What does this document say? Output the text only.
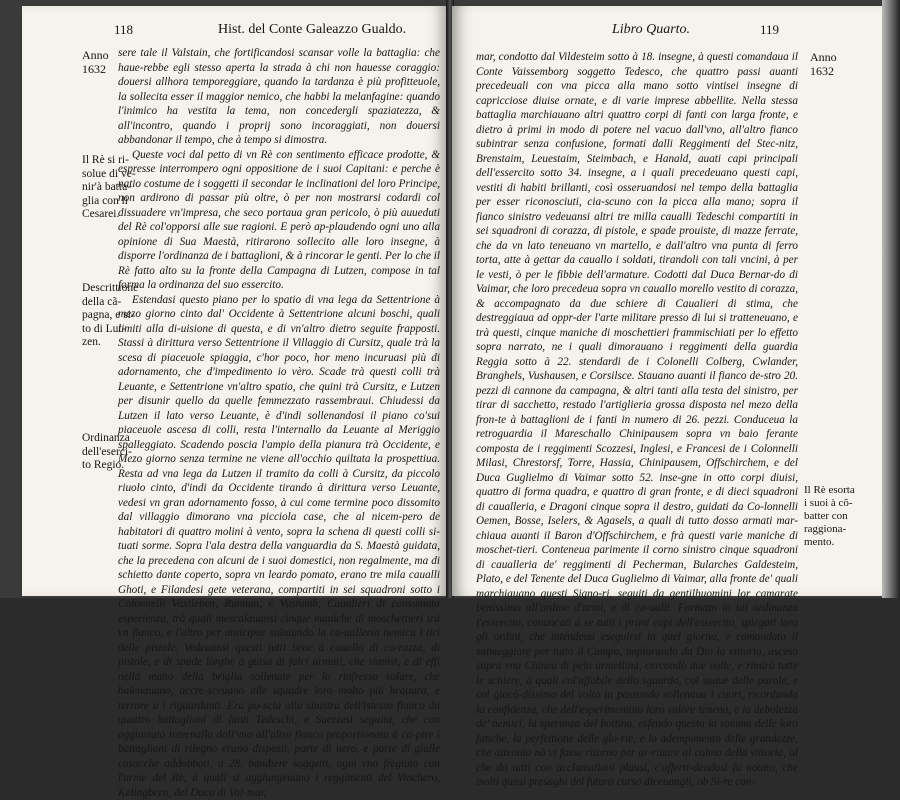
118	Hist. del Conte Galeazzo Gualdo.
Anno
1632
Il Rè si ri-
solue di ve-
nir'à batta-
glia con li
Cesarei.
Descrittione
della cã-
pagna, e si-
to di Lut-
zen.
Ordinanza
dell'eserci-
to Regio.

sere tale il Valstain, che fortificandosi scansar volle la battaglia: che haue-rebbe egli stesso aperta la strada à chi non hauesse coraggio: douersi allhora temporeggiare, quando la tardanza è più profitteuole, la sollecita esser il maggior nemico, che habbi la melanfagine: quando l'inimico ha vestita la tema, non concedergli spaziatezza, & all'incontro, quando i proprij sono incoraggiati, non douersi abbandonar il tempo, che à tempo si dimostra.

Queste voci dal petto di vn Rè con sentimento efficace prodotte, & espresse interrompero ogni oppositione de i suoi Capitani: e perche è natio costume de i soggetti il secondar le inclinationi del loro Principe, non ardirono di passar più oltre, ò per non mostrarsi codardi col dissuadere vn'impresa, che seco portaua gran pericolo, ò più auueduti del Rè col'opporsi alle sue ragioni. E però ap-plaudendo ogni uno alla opinione di Sua Maestà, ritirarono sollecito alle loro insegne, à disporre l'ordinanza de i battaglioni, & à rincorar le genti. Per lo che il Rè fatto alto su la fronte della Campagna di Lutzen, compose in tal forma la ordinanza del suo essercito.

Estendasi questo piano per lo spatio di vna lega da Settentrione à mezo giorno cinto dal' Occidente à Settentrione alcuni boschi, quali limiti alla di-uisione di questa, e di vn'altro dietro seguite frapposti. Stassi à dirittura verso Settentrione il Villaggio di Cursitz, quale trà la scesa di piaceuole spiaggia, c'hor poco, hor meno incuruasi più di adornamento, che d'impedimento io vèro. Scade trà questi colli trà Leuante, e Settentrione vn'altro spatio, che quini trà Cursitz, e Lutzen per disunir quello da quelle femmezzato rassembraui. Chiudessi da Lutzen il lato verso Leuante, è d'indi sollenandosi il piano co'sui piaceuole ascesa di colli, resta l'internallo da Leuante al Meriggio spalleggiato. Scadendo poscia l'ampio della pianura trà Occidente, e Mezo giorno senza termine ne viene all'occhio quiltata la prospettiua. Resta ad vna lega da Lutzen il tramito da colli à Cursitz, da piccolo riuolo cinto, d'indi da Occidente tirando à dirittura verso Leuante, vedesi vn gran adornamento fosso, à cui come termine poco dissomito dal villaggio dimorano vna picciola case, che al nicem-pero de habitatori di quattro molini à vento, sopra la schena di questi colli si-tuati sorme. Sopra l'ala destra della vanguardia da S. Maestà guidata, che la precedena con alcuni de i suoi domestici, non regalmente, ma di schietto dante coperto, sopra vn leardo pomato, erano tre mila caualli Ghoti, e Filandesi gete veterana, compartiti in sei squadroni sotto i Colonnelli Vaxileben, Runnun, e Vustumb, Caualieri di consumata esperienza, trà quali mescolauansi cinque maniche di moschettieri trà vn fianco, e l'altro per anticipar salutando la ca-ualleria nemica i tiri delle pistole. Vedeuansi questi tutti bene à cauallo di co-razza, di pistole, e di spade larghe à guisa di falci armati, che sianist, e di effi nella mano della briglia sollenate per lo rinfresso solare, che balenauano, accre-sceuano alle squadre loro molto più brauura, e terrore a i riguardanti. Era po-scia alla sinistra dell'istesso fianco da quattro battaglioni di fanti Tedeschi, e Suezzesi seguita, che con aggiustato internallo dall'vno all'altro fianco proportionato à ca-pire i battaglioni di rilegno erano disposti, parte di nero, e parte di gialle casacche addobbati, à 28. bandiere soggetti, ogni vna fregiata con l'arme del Rè, à quali si aggiungeuano i reggimenti del Vinchero, Kelingbern, del Duca di Vai-mar,

Libro Quarto.	119
Anno
1632
Il Rè esorta
i suoi à cõ-
batter con
raggiona-
mento.

mar, condotto dal Vildesteim sotto à 18. insegne, à questi comandaua il Conte Vaissemborg soggetto Tedesco, che quattro passi auanti precedeuali con vna picca alla mano sotto vintisei insegne di capricciose diuise ornate, e di varie imprese abbellite. Nella stessa battaglia marchiauano altri quattro corpi di fanti con larga fronte, e dietro à primi in modo di potere nel vacuo dall'vno, all'altro fianco subintrar senza confusione, formati dalli Reggimenti del Stec-nitz, Brenstaim, Leuestaim, Steimbach, e Hanald, auati capi principali dell'essercito sotto 34. insegne, a i quali precedeuano questi capi, vestiti di habiti brillanti, così osseruandosi nel tempo della battaglia per esser riconosciuti, cia-scuno con la picca alla mano; sopra il fianco sinistro vedeuansi altri tre milla caualli Tedeschi compartiti in sei squadroni di corazza, di pistole, e spade prouiste, di mazze ferrate, che da vn lato teneuano vn martello, e dall'altro vna punta di ferro torta, atte à gettar da cauallo i soldati, tirandoli con tali vncini, à per le vesti, ò per le fibbie dell'armature. Codotti dal Duca Bernar-do di Vaimar, che loro precedeua sopra vn cauallo morello vestito di corazza, & accompagnato da due schiere di Caualieri di stima, che destreggiaua ad oppr-der l'arte militare presso di lui si tratteneuano, e trà questi, cinque maniche di moschettieri frammischiati per lo effetto sopra narrato, ne i quali dimorauano i reggimenti della guardia Reggia sotto à 22. stendardi de i Colonelli Colberg, Cwlander, Branghels, Vushausen, e Corsilsce. Stauano auanti il fianco de-stro 20. pezzi di cannone da campagna, & altri tanti alla testa del sinistro, per tirar di sacchetto, restado l'artiglieria grossa disposta nel mezo della fron-te à battaglioni de i fanti in numero di 26. pezzi. Conduceua la retroguardia il Mareschallo Chinipausem sopra vn baio ferante composta de i reggimenti Scozzesi, Inglesi, e Francesi de i Colonnelli Milasi, Chrestorsf, Torre, Hassia, Chinipausem, Offschirchem, e del Duca Guglielmo di Vaimar sotto 52. inse-gne in otto corpi diuisi, quattro di forma quadra, e quattro di gran fronte, e di dieci squadroni di caualleria, e Dragoni cinque sopra il destro, guidati da Co-lonnelli Oemen, Bosse, Iselers, & Agasels, a quali di tutto dosso armati mar-chiaua auanti il Baron d'Offschirchem, e frà questi varie maniche di moschet-tieri. Conteneua parimente il corno sinistro cinque squadroni di caualleria de' reggimenti di Pecherman, Bularches Galdesteim, Plato, e del Tenente del Duca Guglielmo di Vaimar, alla fronte de' quali marchiauano questi Signo-ri, seguiti da gentilhuomini lor camarate benissimo all'ordine d'armi, e di ca-ualli. Formato in tal ordinanza l'essercito, conuocati à se tutti i primi capi dell'essercito, spiegati loro gli ordini, che intendeua eseguirsi in quel giorno, e comandato il salmeggiare per tutto il Campo, implorando da Dio la vittoria, asceso sopra vna Chinea di pelo armellina, cercondò due volte, e rimirò tutte le schiere, à quali col'affabile dello sguardo, col suaue delle parole, e col giocō-dissimo del volto in passando sollenaua i cuori, ricordando la confidenza, che dell'esperimentato loro valore tenena, e la debolezza de' nemici, la speranza del bottino, esfendo questa la somma delle loro fatiche, la perfettione delle glo-rie, e lo adempimento delle grandezze, che attenuta nò vi fosse ritorno per ar-riuare al colmo della vittoria, al che da tutti con acclamationi plausi, c'offerti-dendosi fu notato, che molti quasi presaghi del futuro curso diceuangli, ob Si-re con-
